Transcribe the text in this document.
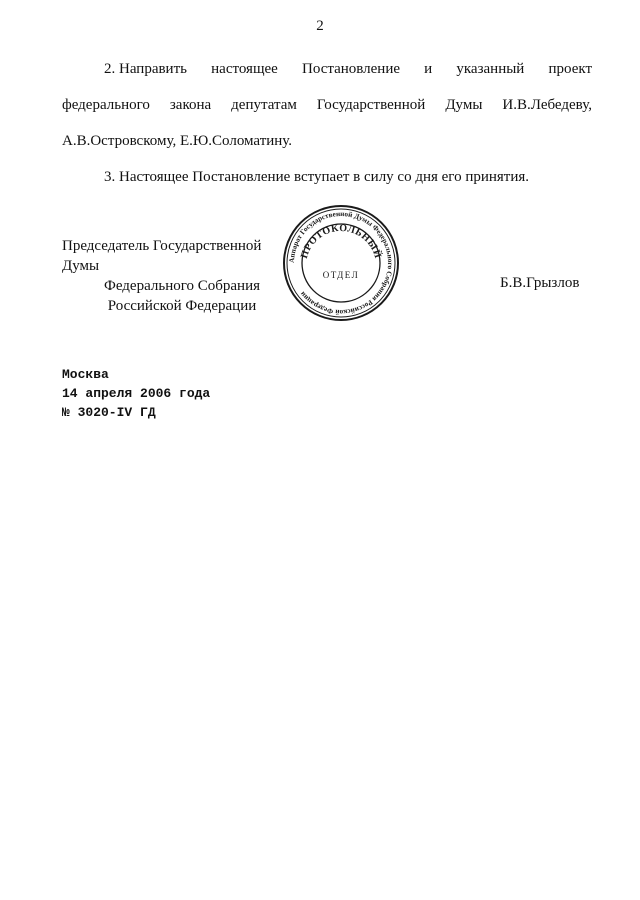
2
2. Направить настоящее Постановление и указанный проект
федерального закона депутатам Государственной Думы И.В.Лебедеву,
А.В.Островскому, Е.Ю.Соломатину.
3. Настоящее Постановление вступает в силу со дня его принятия.
Председатель Государственной Думы
Федерального Собрания
Российской Федерации
Б.В.Грызлов
Аппарат Государственной Думы Федерального Собрания Российской Федерации
ПРОТОКОЛЬНЫЙ
ОТДЕЛ
Москва
14 апреля 2006 года
№ 3020-IV ГД
